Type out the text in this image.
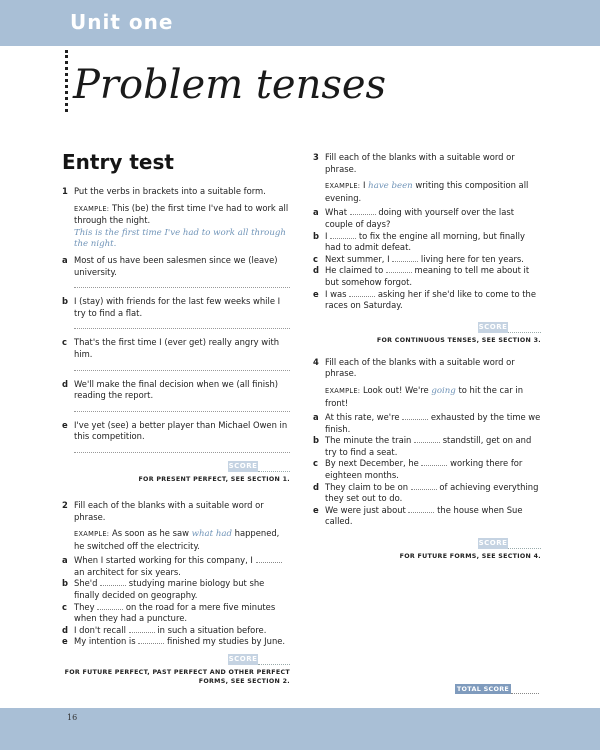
Unit one
Problem tenses
Entry test

1 Put the verbs in brackets into a suitable form.

EXAMPLE: This (be) the first time I've had to work all through the night.

This is the first time I've had to work all through the night.

a Most of us have been salesmen since we (leave) university.

b I (stay) with friends for the last few weeks while I try to find a flat.

c That's the first time I (ever get) really angry with him.

d We'll make the final decision when we (all finish) reading the report.

e I've yet (see) a better player than Michael Owen in this competition.

SCORE

FOR PRESENT PERFECT, SEE SECTION 1.

2 Fill each of the blanks with a suitable word or phrase.

EXAMPLE: As soon as he saw what had happened, he switched off the electricity.

a When I started working for this company, I  an architect for six years.

b She'd	studying marine biology but she finally decided on geography.

c They	on the road for a mere five minutes when they had a puncture.

d I don't recall	in such a situation before.

e My intention is	finished my studies by June.

SCORE

FOR FUTURE PERFECT, PAST PERFECT AND OTHER PERFECT

FORMS, SEE SECTION 2.

3 Fill each of the blanks with a suitable word or phrase.

EXAMPLE: I have been writing this composition all evening.

a What	doing with yourself over the last couple of days?

b I	to fix the engine all morning, but finally had to admit defeat.

c Next summer, I	living here for ten years.

d He claimed to	meaning to tell me about it but somehow forgot.

e I was	asking her if she'd like to come to the races on Saturday.

SCORE

FOR CONTINUOUS TENSES, SEE SECTION 3.

4 Fill each of the blanks with a suitable word or phrase.

EXAMPLE: Look out! We're going to hit the car in front!

a At this rate, we're	exhausted by the time we finish.

b The minute the train	standstill, get on and try to find a seat.

c By next December, he	working there for eighteen months.

d They claim to be on	of achieving everything they set out to do.

e We were just about	the house when Sue called.

SCORE

FOR FUTURE FORMS, SEE SECTION 4.

TOTAL SCORE
16
